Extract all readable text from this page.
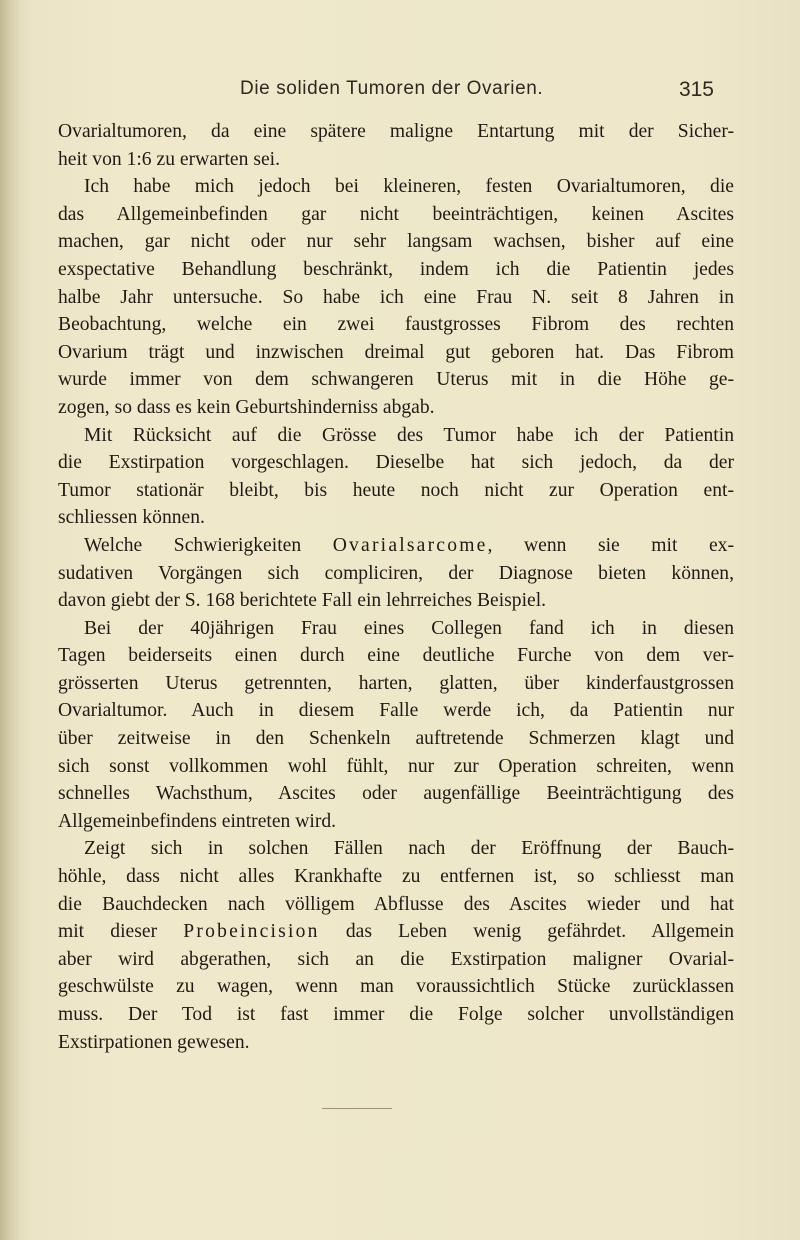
Die soliden Tumoren der Ovarien.	315
Ovarialtumoren, da eine spätere maligne Entartung mit der Sicher-
heit von 1:6 zu erwarten sei.
Ich habe mich jedoch bei kleineren, festen Ovarialtumoren, die
das Allgemeinbefinden gar nicht beeinträchtigen, keinen Ascites
machen, gar nicht oder nur sehr langsam wachsen, bisher auf eine
exspectative Behandlung beschränkt, indem ich die Patientin jedes
halbe Jahr untersuche. So habe ich eine Frau N. seit 8 Jahren in
Beobachtung, welche ein zwei faustgrosses Fibrom des rechten
Ovarium trägt und inzwischen dreimal gut geboren hat. Das Fibrom
wurde immer von dem schwangeren Uterus mit in die Höhe ge-
zogen, so dass es kein Geburtshinderniss abgab.
Mit Rücksicht auf die Grösse des Tumor habe ich der Patientin
die Exstirpation vorgeschlagen. Dieselbe hat sich jedoch, da der
Tumor stationär bleibt, bis heute noch nicht zur Operation ent-
schliessen können.
Welche Schwierigkeiten Ovarialsarcome, wenn sie mit ex-
sudativen Vorgängen sich compliciren, der Diagnose bieten können,
davon giebt der S. 168 berichtete Fall ein lehrreiches Beispiel.
Bei der 40jährigen Frau eines Collegen fand ich in diesen
Tagen beiderseits einen durch eine deutliche Furche von dem ver-
grösserten Uterus getrennten, harten, glatten, über kinderfaustgrossen
Ovarialtumor. Auch in diesem Falle werde ich, da Patientin nur
über zeitweise in den Schenkeln auftretende Schmerzen klagt und
sich sonst vollkommen wohl fühlt, nur zur Operation schreiten, wenn
schnelles Wachsthum, Ascites oder augenfällige Beeinträchtigung des
Allgemeinbefindens eintreten wird.
Zeigt sich in solchen Fällen nach der Eröffnung der Bauch-
höhle, dass nicht alles Krankhafte zu entfernen ist, so schliesst man
die Bauchdecken nach völligem Abflusse des Ascites wieder und hat
mit dieser Probeincision das Leben wenig gefährdet. Allgemein
aber wird abgerathen, sich an die Exstirpation maligner Ovarial-
geschwülste zu wagen, wenn man voraussichtlich Stücke zurücklassen
muss. Der Tod ist fast immer die Folge solcher unvollständigen
Exstirpationen gewesen.
